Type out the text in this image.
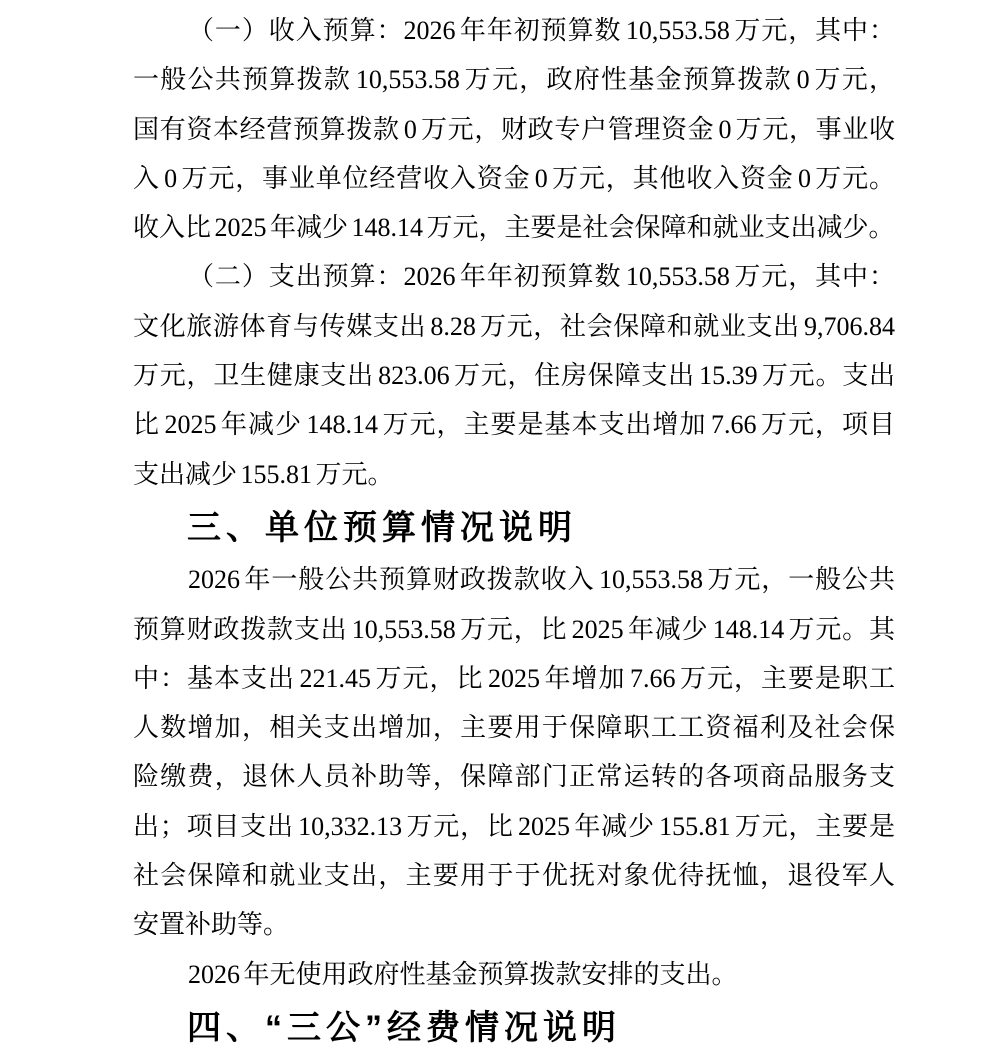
（一）收入预算：2026 年年初预算数 10,553.58 万元，其中：
一般公共预算拨款 10,553.58 万元，政府性基金预算拨款 0 万元，
国有资本经营预算拨款 0 万元，财政专户管理资金 0 万元，事业收
入 0 万元，事业单位经营收入资金 0 万元，其他收入资金 0 万元。
收入比 2025 年减少 148.14 万元，主要是社会保障和就业支出减少。
（二）支出预算：2026 年年初预算数 10,553.58 万元，其中：
文化旅游体育与传媒支出 8.28 万元，社会保障和就业支出 9,706.84
万元，卫生健康支出 823.06 万元，住房保障支出 15.39 万元。支出
比 2025 年减少 148.14 万元，主要是基本支出增加 7.66 万元，项目
支出减少 155.81 万元。
三、单位预算情况说明
2026 年一般公共预算财政拨款收入 10,553.58 万元，一般公共
预算财政拨款支出 10,553.58 万元，比 2025 年减少 148.14 万元。其
中：基本支出 221.45 万元，比 2025 年增加 7.66 万元，主要是职工
人数增加，相关支出增加，主要用于保障职工工资福利及社会保
险缴费，退休人员补助等，保障部门正常运转的各项商品服务支
出；项目支出 10,332.13 万元，比 2025 年减少 155.81 万元，主要是
社会保障和就业支出，主要用于于优抚对象优待抚恤，退役军人
安置补助等。
2026 年无使用政府性基金预算拨款安排的支出。
四、“三公”经费情况说明
